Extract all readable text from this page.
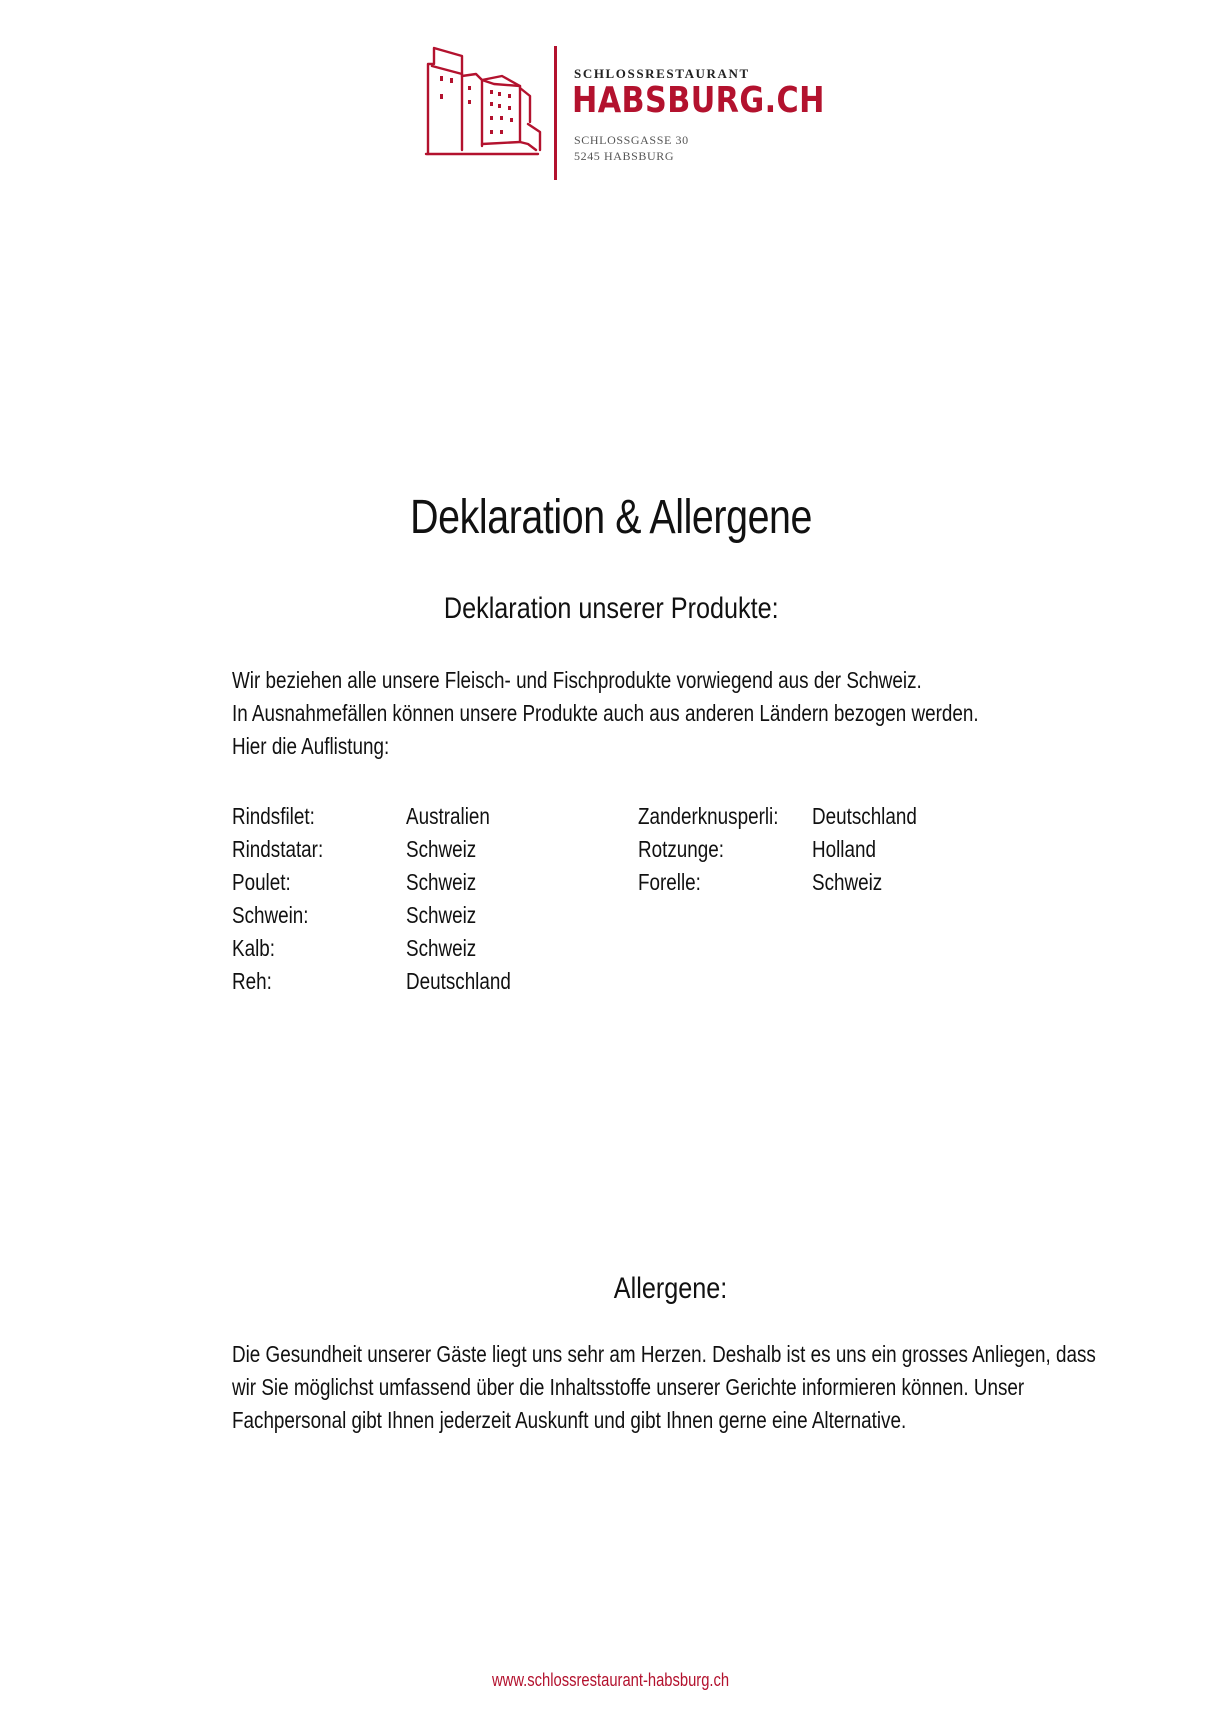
SCHLOSSRESTAURANT
HABSBURG.CH
SCHLOSSGASSE 30
5245 HABSBURG
Deklaration & Allergene
Deklaration unserer Produkte:
Wir beziehen alle unsere Fleisch- und Fischprodukte vorwiegend aus der Schweiz.
In Ausnahmefällen können unsere Produkte auch aus anderen Ländern bezogen werden.
Hier die Auflistung:
Rindsfilet:	Australien
Rindstatar:	Schweiz
Poulet:	Schweiz
Schwein:	Schweiz
Kalb:	Schweiz
Reh:	Deutschland
Zanderknusperli: Deutschland
Rotzunge:	Holland
Forelle:	Schweiz
Allergene:
Die Gesundheit unserer Gäste liegt uns sehr am Herzen. Deshalb ist es uns ein grosses Anliegen, dass
wir Sie möglichst umfassend über die Inhaltsstoffe unserer Gerichte informieren können. Unser
Fachpersonal gibt Ihnen jederzeit Auskunft und gibt Ihnen gerne eine Alternative.
www.schlossrestaurant-habsburg.ch
